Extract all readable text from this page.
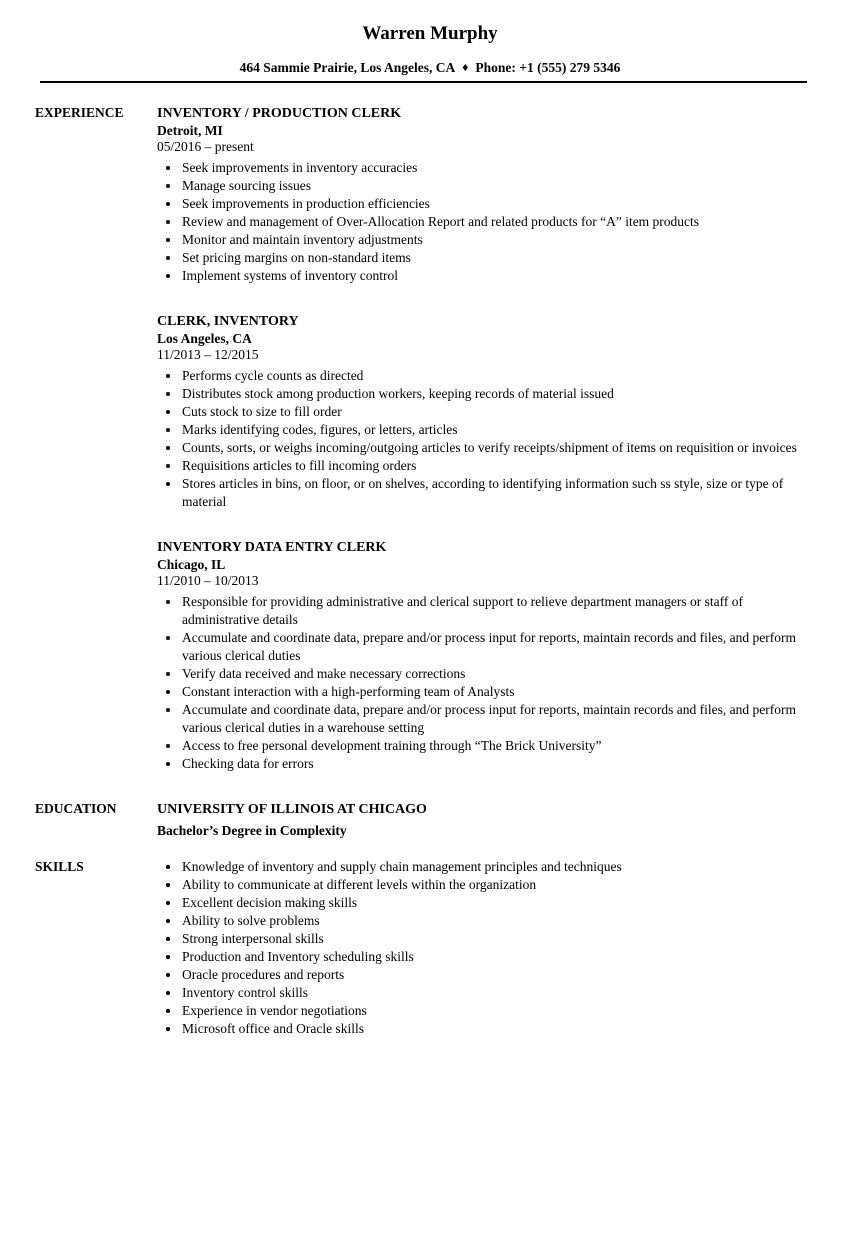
Warren Murphy
464 Sammie Prairie, Los Angeles, CA ♦ Phone: +1 (555) 279 5346
EXPERIENCE	INVENTORY / PRODUCTION CLERK
Detroit, MI
05/2016 – present
• Seek improvements in inventory accuracies
• Manage sourcing issues
• Seek improvements in production efficiencies
• Review and management of Over-Allocation Report and related products for “A” item products
• Monitor and maintain inventory adjustments
• Set pricing margins on non-standard items
• Implement systems of inventory control
CLERK, INVENTORY
Los Angeles, CA
11/2013 – 12/2015
• Performs cycle counts as directed
• Distributes stock among production workers, keeping records of material issued
• Cuts stock to size to fill order
• Marks identifying codes, figures, or letters, articles
• Counts, sorts, or weighs incoming/outgoing articles to verify receipts/shipment of items on requisition or invoices
• Requisitions articles to fill incoming orders
• Stores articles in bins, on floor, or on shelves, according to identifying information such ss style, size or type of material
INVENTORY DATA ENTRY CLERK
Chicago, IL
11/2010 – 10/2013
• Responsible for providing administrative and clerical support to relieve department managers or staff of administrative details
• Accumulate and coordinate data, prepare and/or process input for reports, maintain records and files, and perform various clerical duties
• Verify data received and make necessary corrections
• Constant interaction with a high-performing team of Analysts
• Accumulate and coordinate data, prepare and/or process input for reports, maintain records and files, and perform various clerical duties in a warehouse setting
• Access to free personal development training through “The Brick University”
• Checking data for errors
EDUCATION	UNIVERSITY OF ILLINOIS AT CHICAGO
Bachelor’s Degree in Complexity
SKILLS	• Knowledge of inventory and supply chain management principles and techniques
• Ability to communicate at different levels within the organization
• Excellent decision making skills
• Ability to solve problems
• Strong interpersonal skills
• Production and Inventory scheduling skills
• Oracle procedures and reports
• Inventory control skills
• Experience in vendor negotiations
• Microsoft office and Oracle skills
